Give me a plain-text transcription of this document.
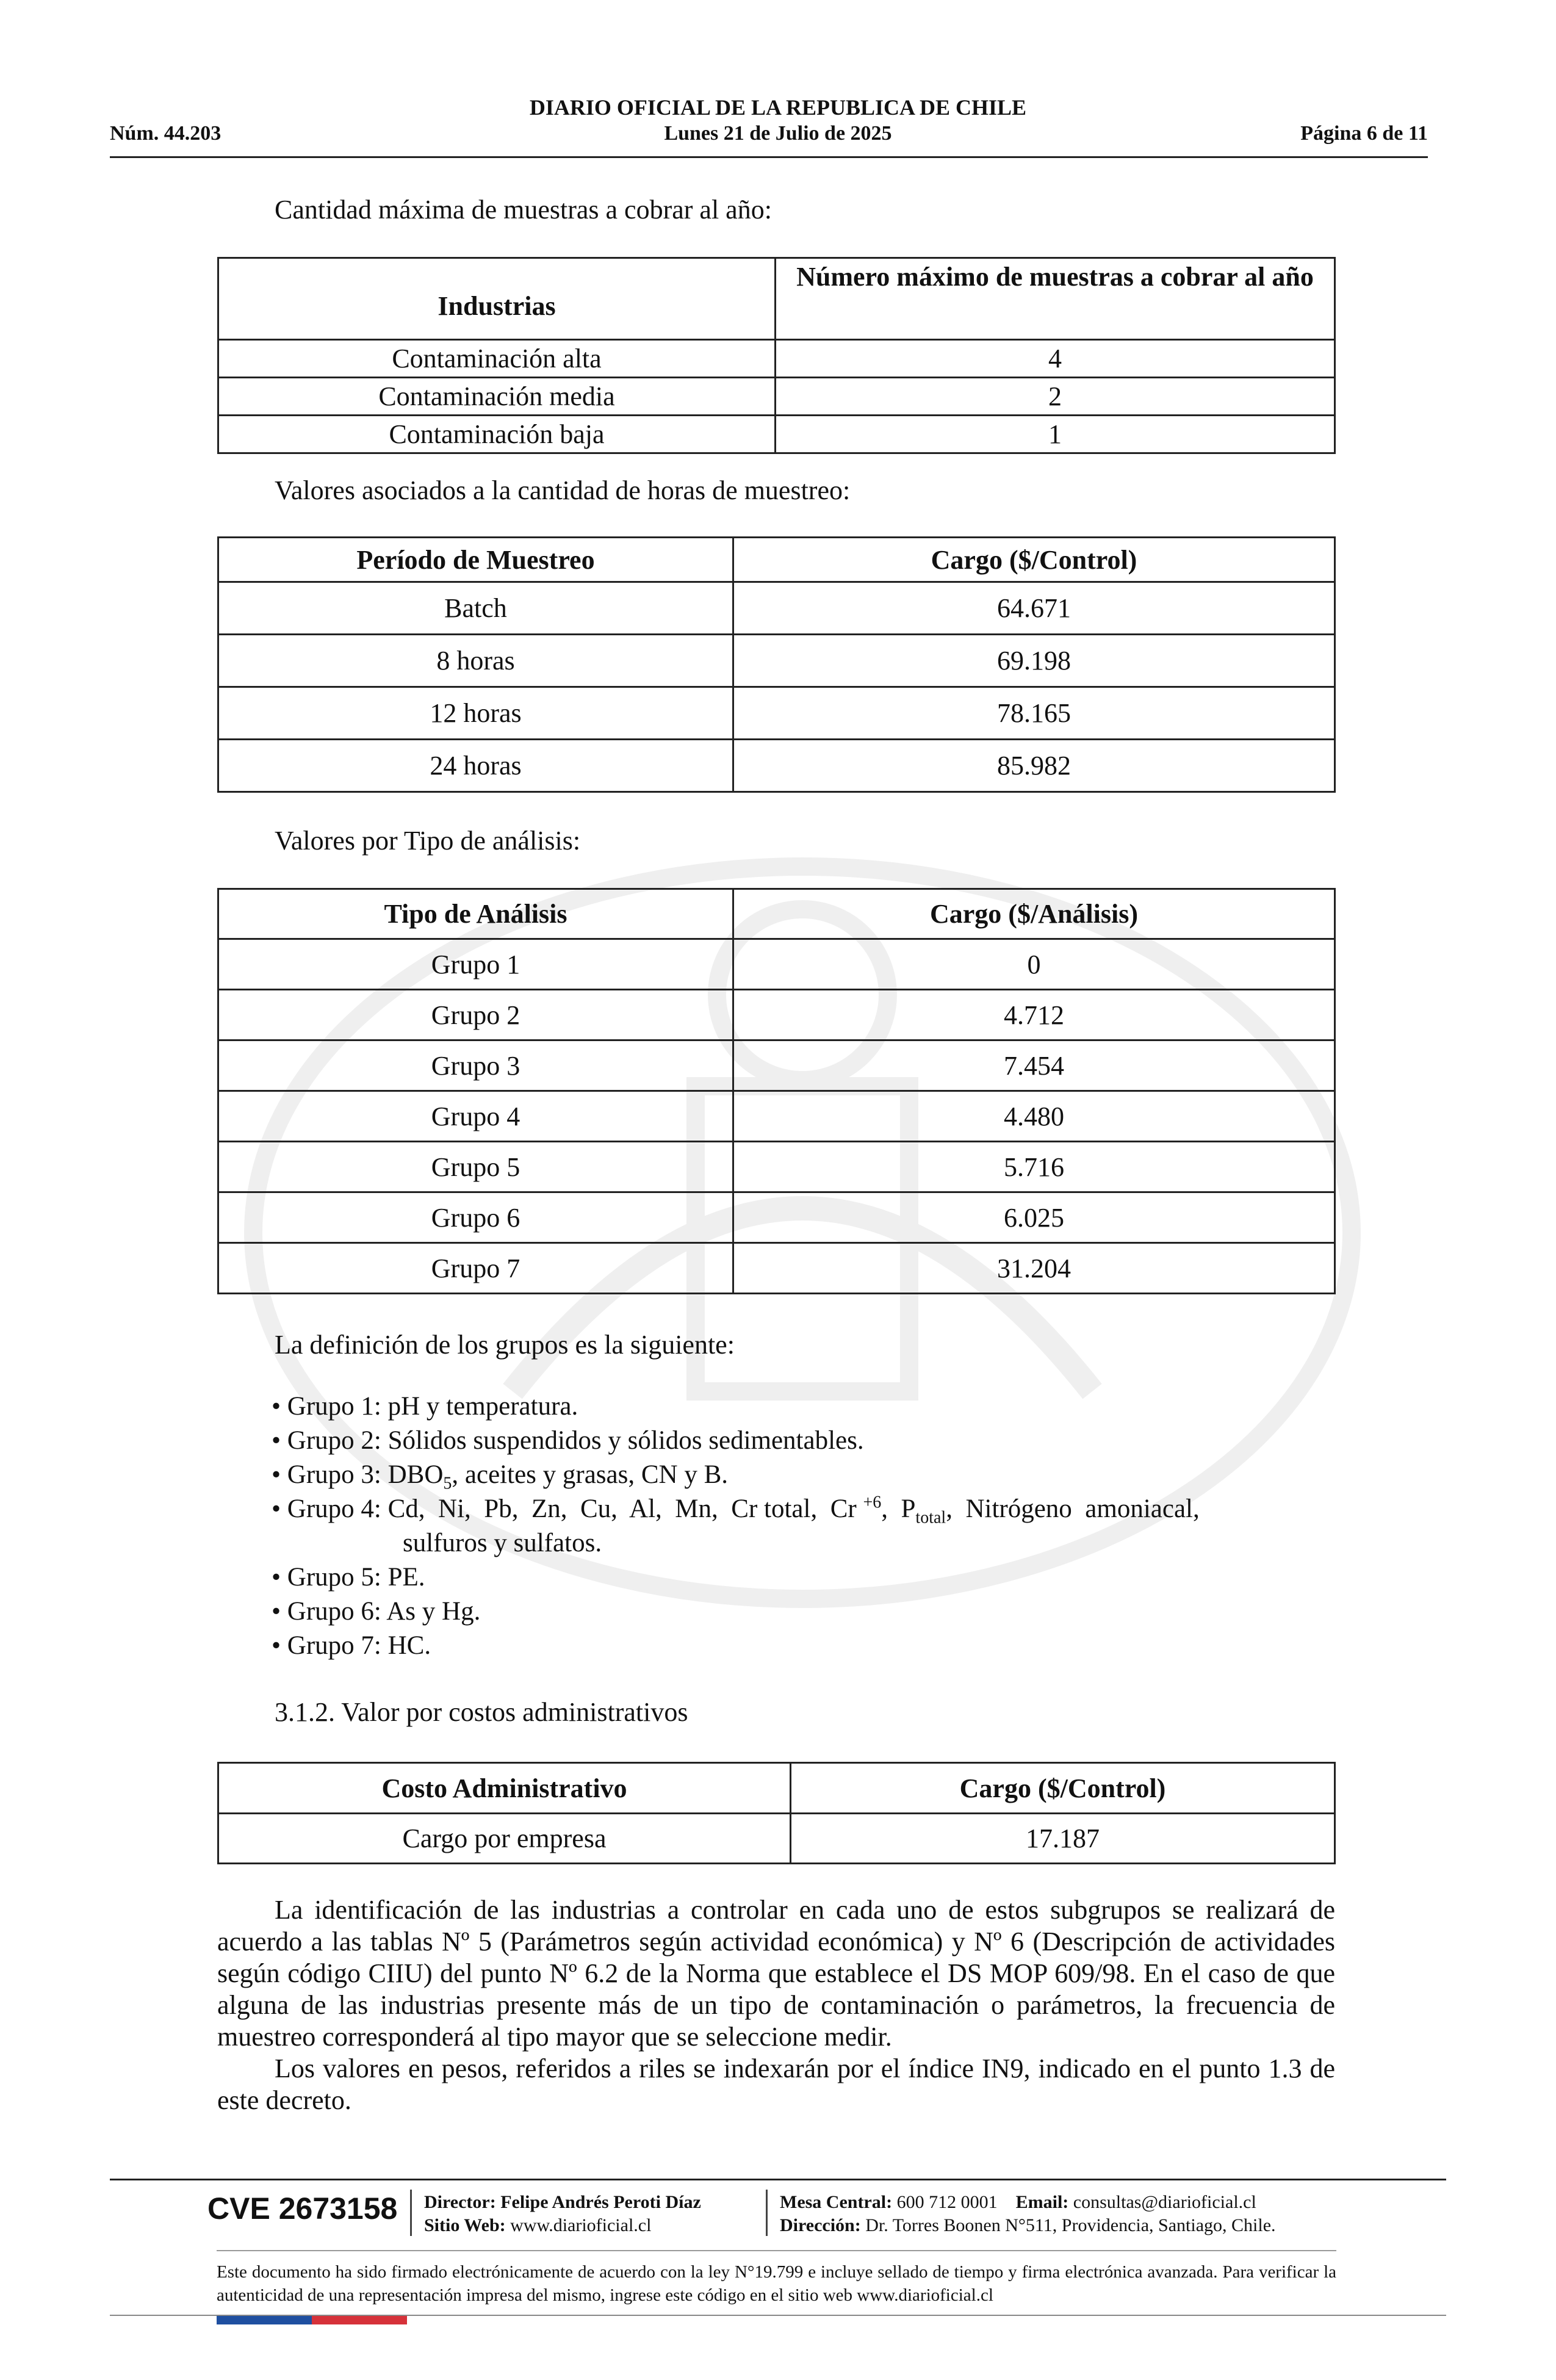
DIARIO OFICIAL DE LA REPUBLICA DE CHILE
Núm. 44.203	Lunes 21 de Julio de 2025	Página 6 de 11
Cantidad máxima de muestras a cobrar al año:
Industrias	Número máximo de muestras a cobrar al año
Contaminación alta	4
Contaminación media	2
Contaminación baja	1
Valores asociados a la cantidad de horas de muestreo:
Período de Muestreo	Cargo ($/Control)
Batch	64.671
8 horas	69.198
12 horas	78.165
24 horas	85.982
Valores por Tipo de análisis:
Tipo de Análisis	Cargo ($/Análisis)
Grupo 1	0
Grupo 2	4.712
Grupo 3	7.454
Grupo 4	4.480
Grupo 5	5.716
Grupo 6	6.025
Grupo 7	31.204
La definición de los grupos es la siguiente:
• Grupo 1: pH y temperatura.
• Grupo 2: Sólidos suspendidos y sólidos sedimentables.
• Grupo 3: $DBO_5$, aceites y grasas, CN y B.
• Grupo 4: Cd,  Ni,  Pb,  Zn,  Cu,  Al,  Mn,  Cr total,  Cr $^{+6}$,  $P_{total}$,  Nitrógeno  amoniacal,
sulfuros y sulfatos.
• Grupo 5: PE.
• Grupo 6: As y Hg.
• Grupo 7: HC.
3.1.2. Valor por costos administrativos
Costo Administrativo	Cargo ($/Control)
Cargo por empresa	17.187
La identificación de las industrias a controlar en cada uno de estos subgrupos se realizará de acuerdo a las tablas Nº 5 (Parámetros según actividad económica) y Nº 6 (Descripción de actividades según código CIIU) del punto Nº 6.2 de la Norma que establece el DS MOP 609/98. En el caso de que alguna de las industrias presente más de un tipo de contaminación o parámetros, la frecuencia de muestreo corresponderá al tipo mayor que se seleccione medir.
Los valores en pesos, referidos a riles se indexarán por el índice IN9, indicado en el punto 1.3 de este decreto.
CVE 2673158 Director: Felipe Andrés Peroti Díaz
Sitio Web: www.diarioficial.cl
Mesa Central: 600 712 0001 Email: consultas@diarioficial.cl
Dirección: Dr. Torres Boonen N°511, Providencia, Santiago, Chile.
Este documento ha sido firmado electrónicamente de acuerdo con la ley N°19.799 e incluye sellado de tiempo y firma electrónica avanzada. Para verificar la autenticidad de una representación impresa del mismo, ingrese este código en el sitio web www.diarioficial.cl
